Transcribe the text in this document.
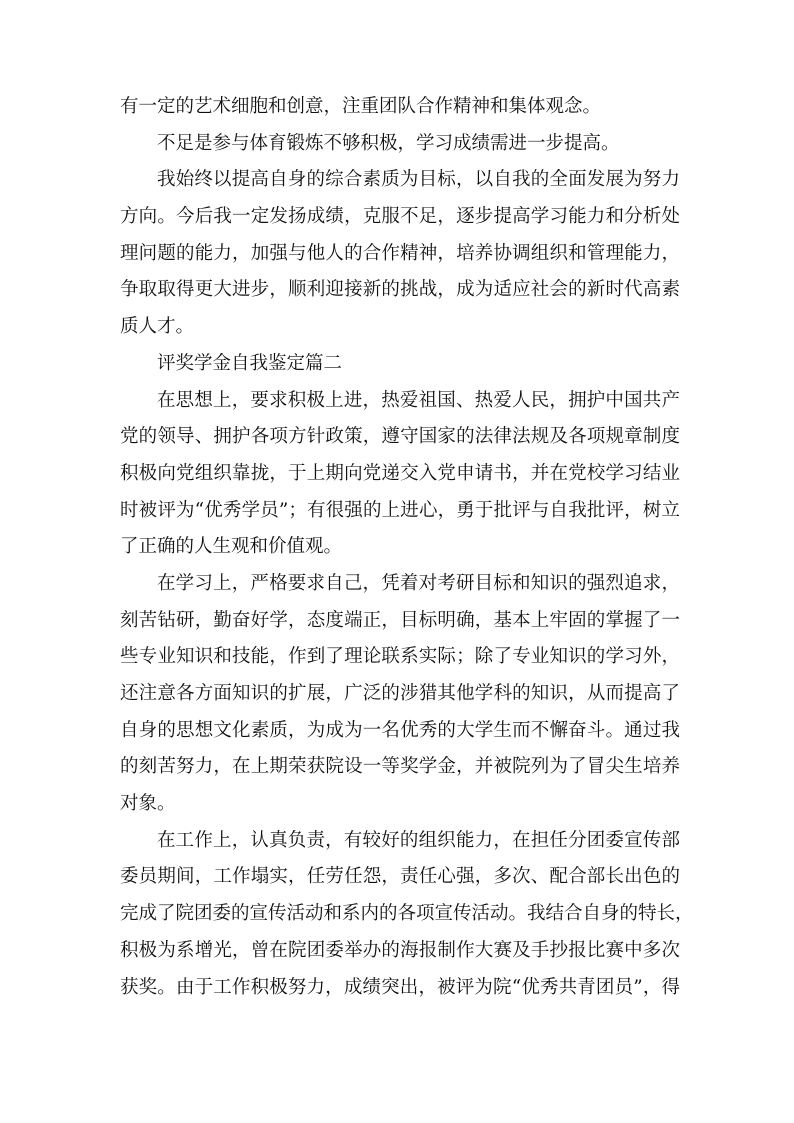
有一定的艺术细胞和创意，注重团队合作精神和集体观念。
不足是参与体育锻炼不够积极，学习成绩需进一步提高。
我始终以提高自身的综合素质为目标，以自我的全面发展为努力
方向。今后我一定发扬成绩，克服不足，逐步提高学习能力和分析处
理问题的能力，加强与他人的合作精神，培养协调组织和管理能力，
争取取得更大进步，顺利迎接新的挑战，成为适应社会的新时代高素
质人才。
评奖学金自我鉴定篇二
在思想上，要求积极上进，热爱祖国、热爱人民，拥护中国共产
党的领导、拥护各项方针政策，遵守国家的法律法规及各项规章制度
积极向党组织靠拢，于上期向党递交入党申请书，并在党校学习结业
时被评为“优秀学员”；有很强的上进心，勇于批评与自我批评，树立
了正确的人生观和价值观。
在学习上，严格要求自己，凭着对考研目标和知识的强烈追求，
刻苦钻研，勤奋好学，态度端正，目标明确，基本上牢固的掌握了一
些专业知识和技能，作到了理论联系实际；除了专业知识的学习外，
还注意各方面知识的扩展，广泛的涉猎其他学科的知识，从而提高了
自身的思想文化素质，为成为一名优秀的大学生而不懈奋斗。通过我
的刻苦努力，在上期荣获院设一等奖学金，并被院列为了冒尖生培养
对象。
在工作上，认真负责，有较好的组织能力，在担任分团委宣传部
委员期间，工作塌实，任劳任怨，责任心强，多次、配合部长出色的
完成了院团委的宣传活动和系内的各项宣传活动。我结合自身的特长，
积极为系增光，曾在院团委举办的海报制作大赛及手抄报比赛中多次
获奖。由于工作积极努力，成绩突出，被评为院“优秀共青团员”，得
